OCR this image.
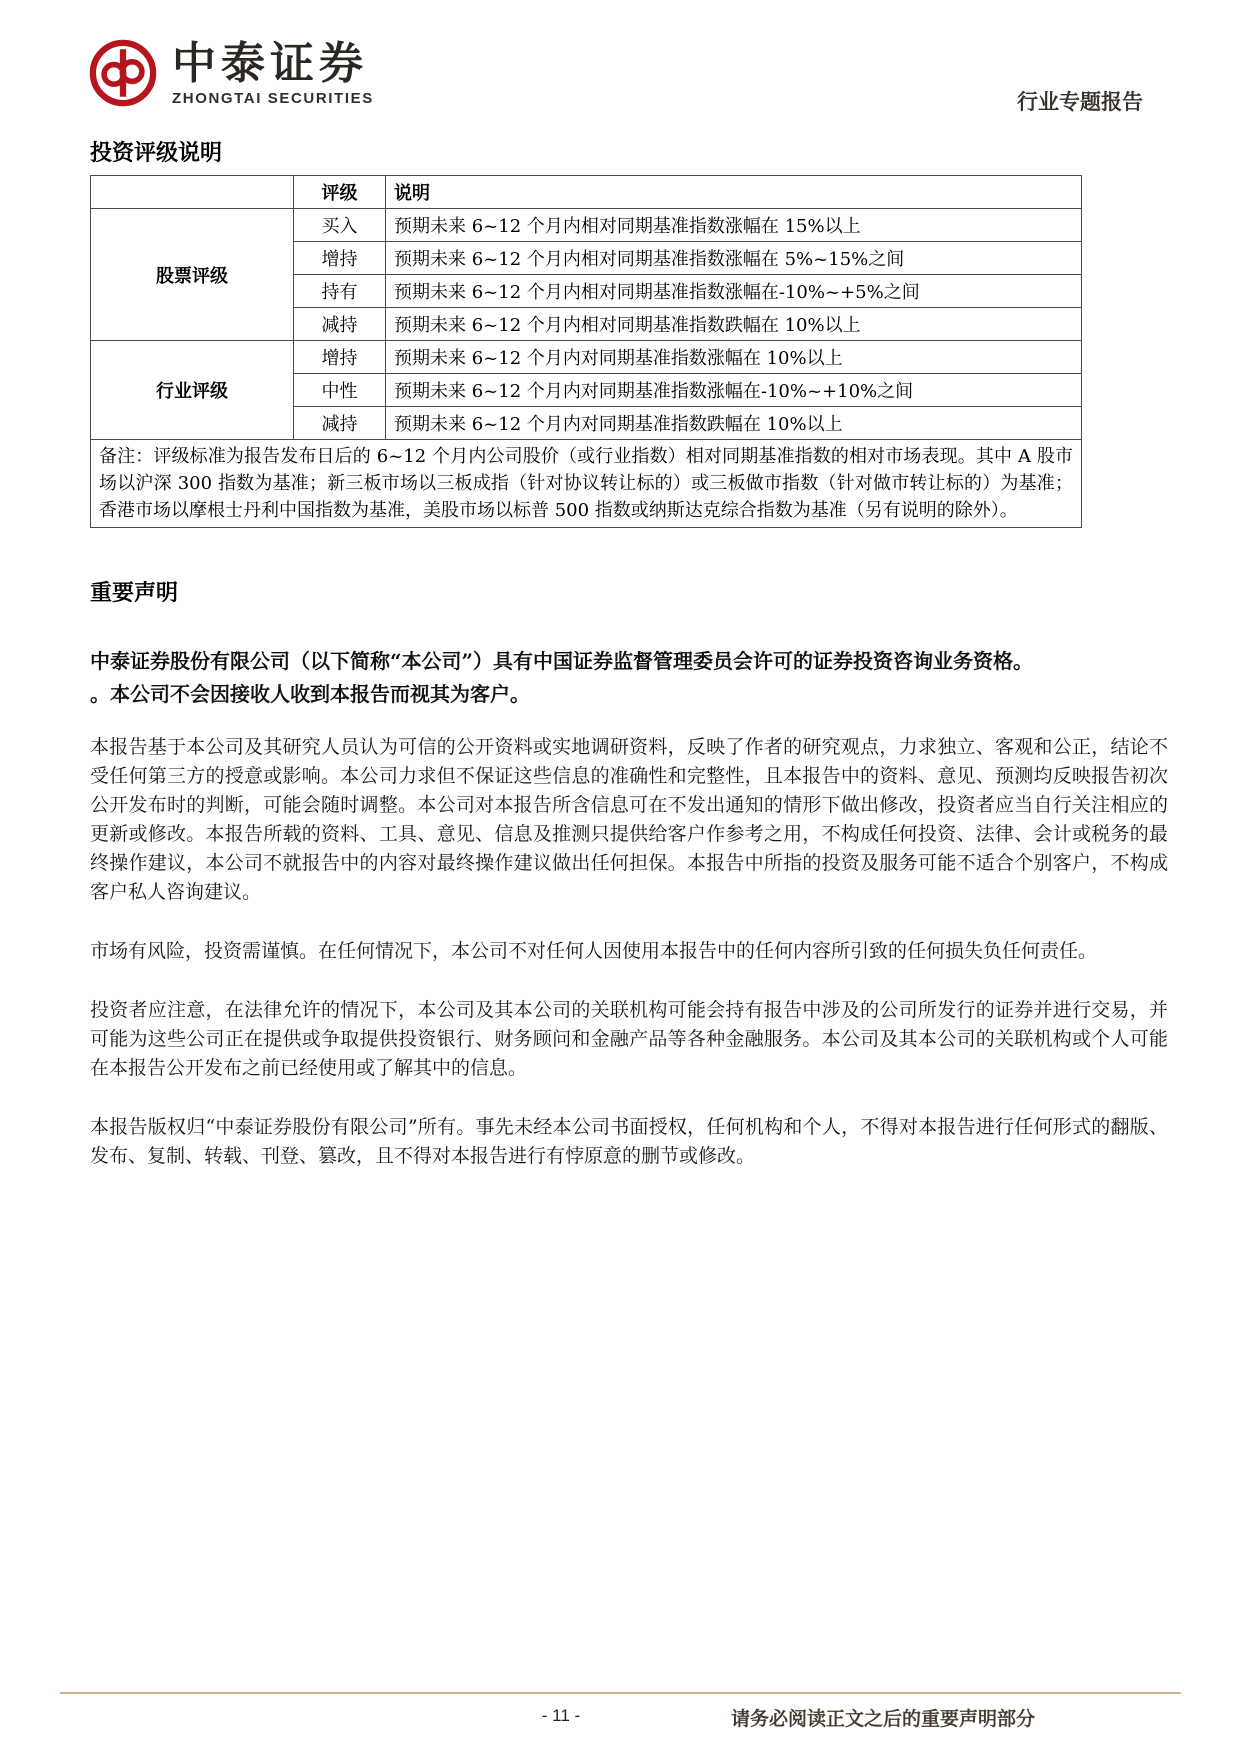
中泰证券
ZHONGTAI SECURITIES	行业专题报告
投资评级说明
	评级	说明
股票评级	买入	预期未来 6~12 个月内相对同期基准指数涨幅在 15%以上
	增持	预期未来 6~12 个月内相对同期基准指数涨幅在 5%~15%之间
	持有	预期未来 6~12 个月内相对同期基准指数涨幅在-10%~+5%之间
	减持	预期未来 6~12 个月内相对同期基准指数跌幅在 10%以上
行业评级	增持	预期未来 6~12 个月内对同期基准指数涨幅在 10%以上
	中性	预期未来 6~12 个月内对同期基准指数涨幅在-10%~+10%之间
	减持	预期未来 6~12 个月内对同期基准指数跌幅在 10%以上
备注：评级标准为报告发布日后的 6~12 个月内公司股价（或行业指数）相对同期基准指数的相对市场表现。其中 A 股市场以沪深 300 指数为基准；新三板市场以三板成指（针对协议转让标的）或三板做市指数（针对做市转让标的）为基准；香港市场以摩根士丹利中国指数为基准，美股市场以标普 500 指数或纳斯达克综合指数为基准（另有说明的除外）。		
重要声明

中泰证券股份有限公司（以下简称“本公司”）具有中国证券监督管理委员会许可的证券投资咨询业务资格。
。本公司不会因接收人收到本报告而视其为客户。

本报告基于本公司及其研究人员认为可信的公开资料或实地调研资料，反映了作者的研究观点，力求独立、客观和公正，结论不受任何第三方的授意或影响。本公司力求但不保证这些信息的准确性和完整性，且本报告中的资料、意见、预测均反映报告初次公开发布时的判断，可能会随时调整。本公司对本报告所含信息可在不发出通知的情形下做出修改，投资者应当自行关注相应的更新或修改。本报告所载的资料、工具、意见、信息及推测只提供给客户作参考之用，不构成任何投资、法律、会计或税务的最终操作建议，本公司不就报告中的内容对最终操作建议做出任何担保。本报告中所指的投资及服务可能不适合个别客户，不构成客户私人咨询建议。

市场有风险，投资需谨慎。在任何情况下，本公司不对任何人因使用本报告中的任何内容所引致的任何损失负任何责任。

投资者应注意，在法律允许的情况下，本公司及其本公司的关联机构可能会持有报告中涉及的公司所发行的证券并进行交易，并可能为这些公司正在提供或争取提供投资银行、财务顾问和金融产品等各种金融服务。本公司及其本公司的关联机构或个人可能在本报告公开发布之前已经使用或了解其中的信息。

本报告版权归“中泰证券股份有限公司”所有。事先未经本公司书面授权，任何机构和个人，不得对本报告进行任何形式的翻版、发布、复制、转载、刊登、篡改，且不得对本报告进行有悖原意的删节或修改。

- 11 -	请务必阅读正文之后的重要声明部分
